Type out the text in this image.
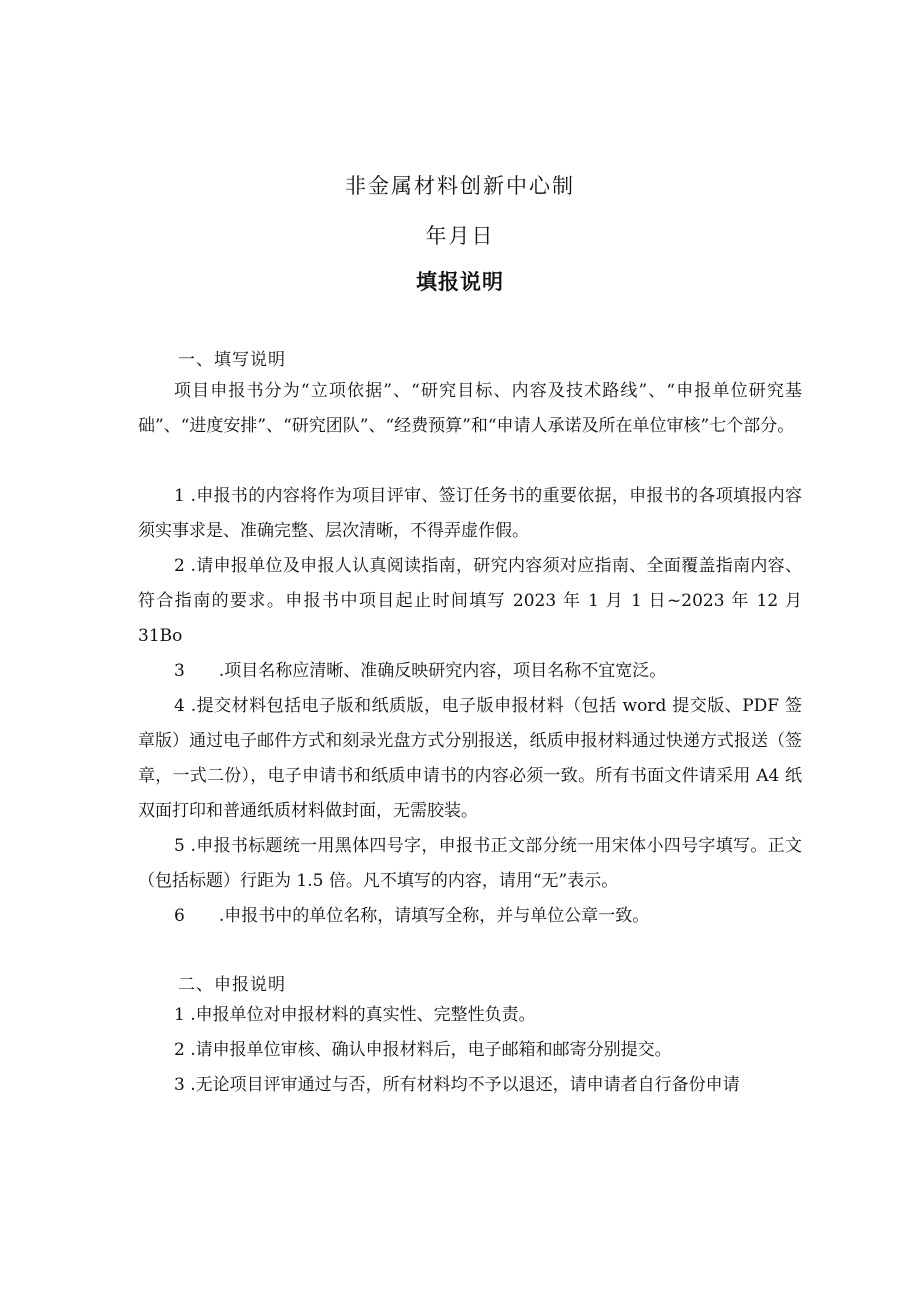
非金属材料创新中心制
年月日
填报说明
一、填写说明
项目申报书分为“立项依据”、“研究目标、内容及技术路线”、“申报单位研究基础”、“进度安排”、“研究团队”、“经费预算”和“申请人承诺及所在单位审核”七个部分。
1 .申报书的内容将作为项目评审、签订任务书的重要依据，申报书的各项填报内容须实事求是、准确完整、层次清晰，不得弄虚作假。
2 .请申报单位及申报人认真阅读指南，研究内容须对应指南、全面覆盖指南内容、符合指南的要求。申报书中项目起止时间填写 2023 年 1 月 1 日~2023 年 12 月 31Bo
3　　.项目名称应清晰、准确反映研究内容，项目名称不宜宽泛。
4 .提交材料包括电子版和纸质版，电子版申报材料（包括 word 提交版、PDF 签章版）通过电子邮件方式和刻录光盘方式分别报送，纸质申报材料通过快递方式报送（签章，一式二份），电子申请书和纸质申请书的内容必须一致。所有书面文件请采用 A4 纸双面打印和普通纸质材料做封面，无需胶装。
5 .申报书标题统一用黑体四号字，申报书正文部分统一用宋体小四号字填写。正文（包括标题）行距为 1.5 倍。凡不填写的内容，请用“无”表示。
6　　.申报书中的单位名称，请填写全称，并与单位公章一致。
二、申报说明
1 .申报单位对申报材料的真实性、完整性负责。
2 .请申报单位审核、确认申报材料后，电子邮箱和邮寄分别提交。
3 .无论项目评审通过与否，所有材料均不予以退还，请申请者自行备份申请
